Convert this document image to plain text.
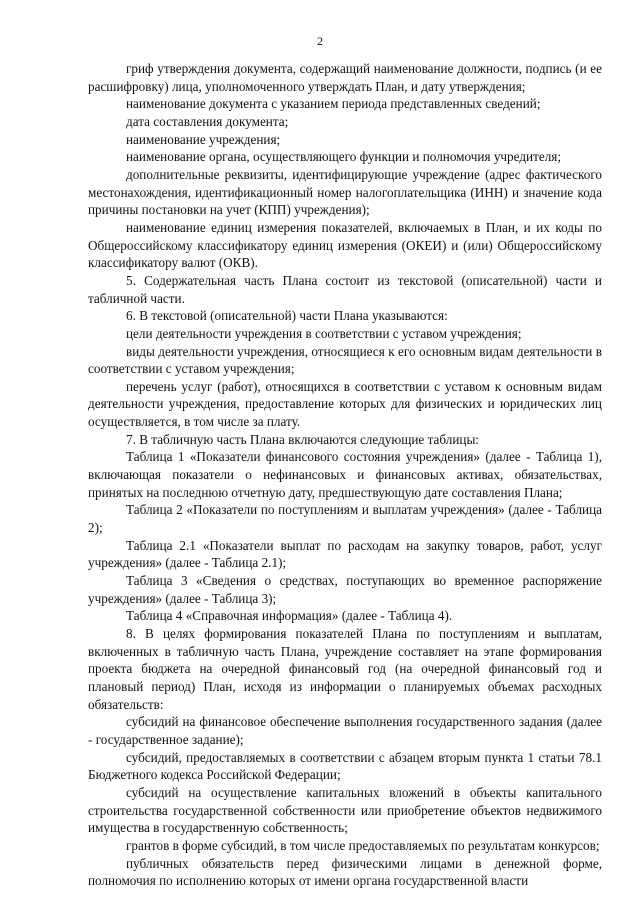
2

гриф утверждения документа, содержащий наименование должности, подпись (и ее расшифровку) лица, уполномоченного утверждать План, и дату утверждения;

наименование документа с указанием периода представленных сведений;

дата составления документа;

наименование учреждения;

наименование органа, осуществляющего функции и полномочия учредителя;

дополнительные реквизиты, идентифицирующие учреждение (адрес фактического местонахождения, идентификационный номер налогоплательщика (ИНН) и значение кода причины постановки на учет (КПП) учреждения);

наименование единиц измерения показателей, включаемых в План, и их коды по Общероссийскому классификатору единиц измерения (ОКЕИ) и (или) Общероссийскому классификатору валют (ОКВ).

5. Содержательная часть Плана состоит из текстовой (описательной) части и табличной части.

6. В текстовой (описательной) части Плана указываются:

цели деятельности учреждения в соответствии с уставом учреждения;

виды деятельности учреждения, относящиеся к его основным видам деятельности в соответствии с уставом учреждения;

перечень услуг (работ), относящихся в соответствии с уставом к основным видам деятельности учреждения, предоставление которых для физических и юридических лиц осуществляется, в том числе за плату.

7. В табличную часть Плана включаются следующие таблицы:

Таблица 1 «Показатели финансового состояния учреждения» (далее - Таблица 1), включающая показатели о нефинансовых и финансовых активах, обязательствах, принятых на последнюю отчетную дату, предшествующую дате составления Плана;

Таблица 2 «Показатели по поступлениям и выплатам учреждения» (далее - Таблица 2);

Таблица 2.1 «Показатели выплат по расходам на закупку товаров, работ, услуг учреждения» (далее - Таблица 2.1);

Таблица 3 «Сведения о средствах, поступающих во временное распоряжение учреждения» (далее - Таблица 3);

Таблица 4 «Справочная информация» (далее - Таблица 4).

8. В целях формирования показателей Плана по поступлениям и выплатам, включенных в табличную часть Плана, учреждение составляет на этапе формирования проекта бюджета на очередной финансовый год (на очередной финансовый год и плановый период) План, исходя из информации о планируемых объемах расходных обязательств:

субсидий на финансовое обеспечение выполнения государственного задания (далее - государственное задание);

субсидий, предоставляемых в соответствии с абзацем вторым пункта 1 статьи 78.1 Бюджетного кодекса Российской Федерации;

субсидий на осуществление капитальных вложений в объекты капитального строительства государственной собственности или приобретение объектов недвижимого имущества в государственную собственность;

грантов в форме субсидий, в том числе предоставляемых по результатам конкурсов;

публичных обязательств перед физическими лицами в денежной форме, полномочия по исполнению которых от имени органа государственной власти
